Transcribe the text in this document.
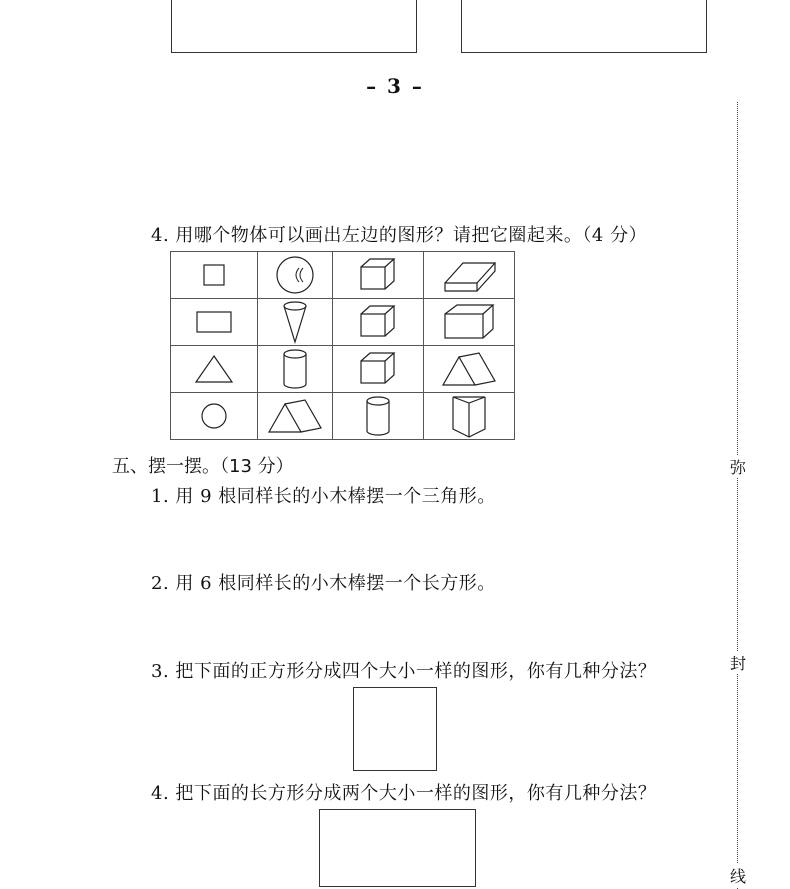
– 3 –
弥
封
线
4. 用哪个物体可以画出左边的图形？请把它圈起来。（4 分）

五、摆一摆。（13 分）
1. 用 9 根同样长的小木棒摆一个三角形。
2. 用 6 根同样长的小木棒摆一个长方形。
3. 把下面的正方形分成四个大小一样的图形，你有几种分法？
4. 把下面的长方形分成两个大小一样的图形，你有几种分法？
